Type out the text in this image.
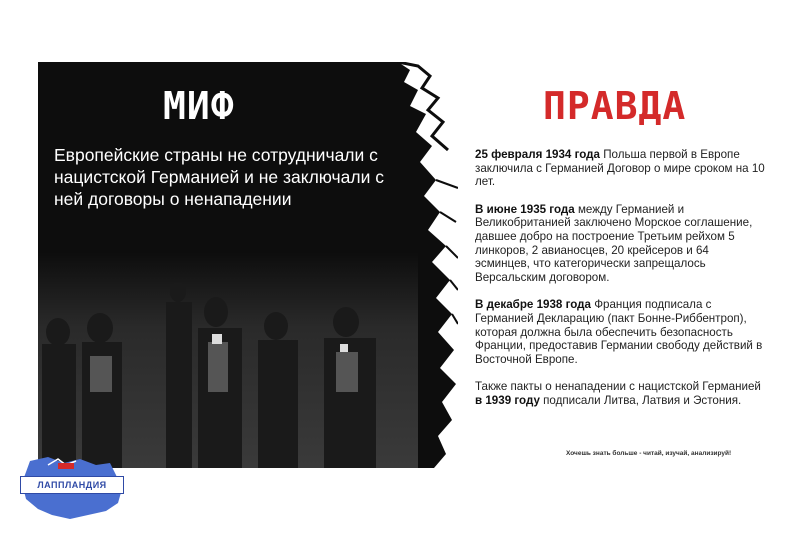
МИФ
Европейские страны не сотрудничали с нацистской Германией и не заключали с ней договоры о ненападении
ПРАВДА

25 февраля 1934 года Польша первой в Европе заключила с Германией Договор о мире сроком на 10 лет.

В июне 1935 года между Германией и Великобританией заключено Морское соглашение, давшее добро на построение Третьим рейхом 5 линкоров, 2 авианосцев, 20 крейсеров и 64 эсминцев, что категорически запрещалось Версальским договором.

В декабре 1938 года Франция подписала с Германией Декларацию (пакт Бонне-Риббентроп), которая должна была обеспечить безопасность Франции, предоставив Германии свободу действий в Восточной Европе.

Также пакты о ненападении с нацистской Германией в 1939 году подписали Литва, Латвия и Эстония.

Хочешь знать больше - читай, изучай, анализируй!
ЛАППЛАНДИЯ
